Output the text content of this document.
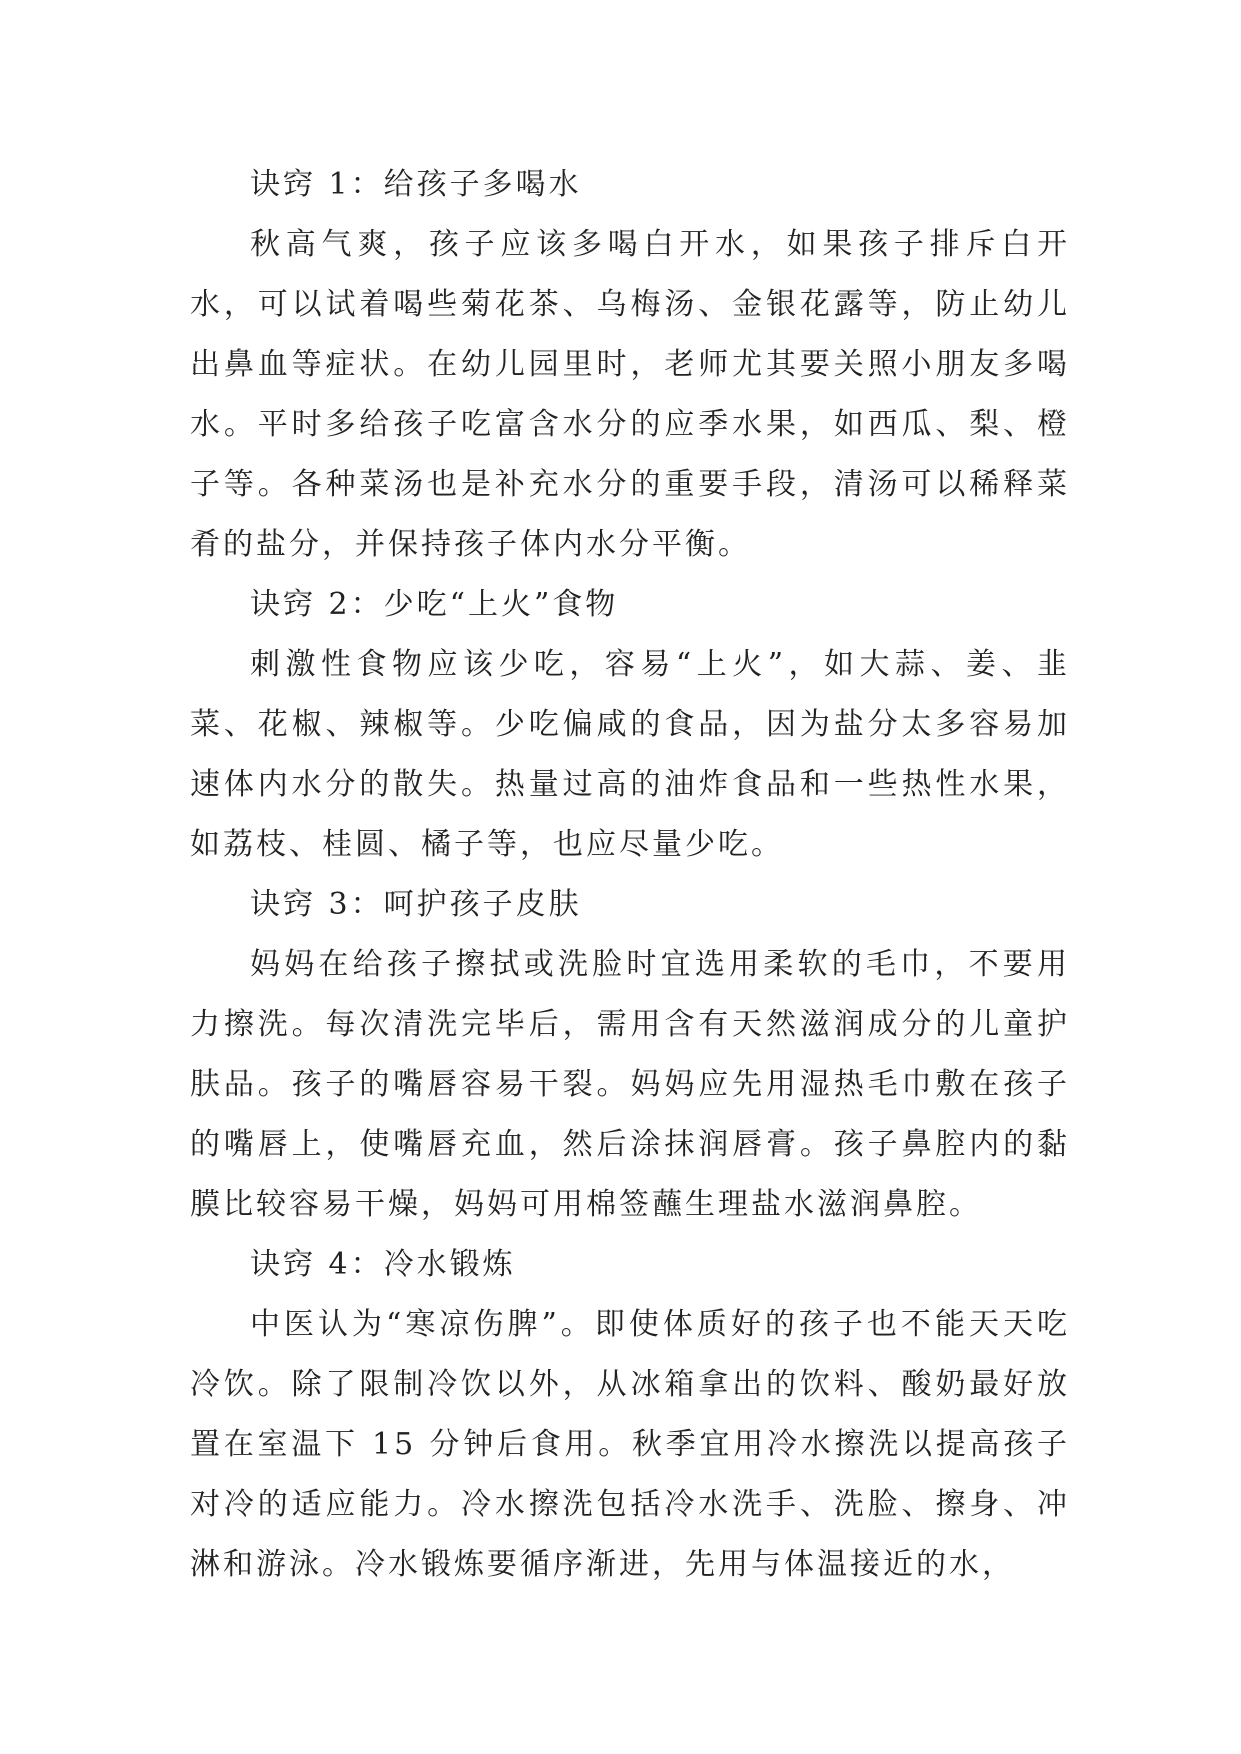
诀窍 1：给孩子多喝水

秋高气爽，孩子应该多喝白开水，如果孩子排斥白开水，可以试着喝些菊花茶、乌梅汤、金银花露等，防止幼儿出鼻血等症状。在幼儿园里时，老师尤其要关照小朋友多喝水。平时多给孩子吃富含水分的应季水果，如西瓜、梨、橙子等。各种菜汤也是补充水分的重要手段，清汤可以稀释菜肴的盐分，并保持孩子体内水分平衡。

诀窍 2：少吃“上火”食物

刺激性食物应该少吃，容易“上火”，如大蒜、姜、韭菜、花椒、辣椒等。少吃偏咸的食品，因为盐分太多容易加速体内水分的散失。热量过高的油炸食品和一些热性水果，如荔枝、桂圆、橘子等，也应尽量少吃。

诀窍 3：呵护孩子皮肤

妈妈在给孩子擦拭或洗脸时宜选用柔软的毛巾，不要用力擦洗。每次清洗完毕后，需用含有天然滋润成分的儿童护肤品。孩子的嘴唇容易干裂。妈妈应先用湿热毛巾敷在孩子的嘴唇上，使嘴唇充血，然后涂抹润唇膏。孩子鼻腔内的黏膜比较容易干燥，妈妈可用棉签蘸生理盐水滋润鼻腔。

诀窍 4：冷水锻炼

中医认为“寒凉伤脾”。即使体质好的孩子也不能天天吃冷饮。除了限制冷饮以外，从冰箱拿出的饮料、酸奶最好放置在室温下 15 分钟后食用。秋季宜用冷水擦洗以提高孩子对冷的适应能力。冷水擦洗包括冷水洗手、洗脸、擦身、冲淋和游泳。冷水锻炼要循序渐进，先用与体温接近的水，
